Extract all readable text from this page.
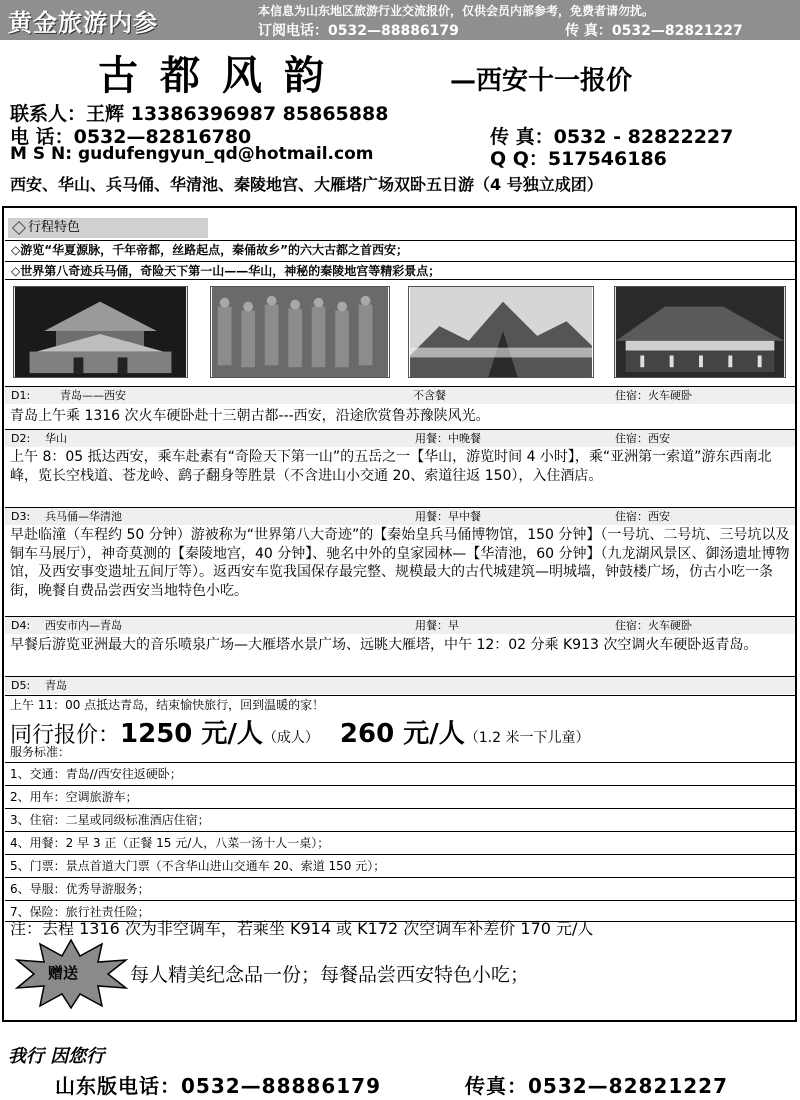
黄金旅游内参	本信息为山东地区旅游行业交流报价，仅供会员内部参考，免费者请勿扰。
订阅电话：0532—88886179	传 真：0532—82821227
古都风韵	—西安十一报价
联系人：王辉 13386396987 85865888
电 话：0532—82816780	传 真：0532 - 82822227
M S N: gudufengyun_qd@hotmail.com	Q Q：517546186
西安、华山、兵马俑、华清池、秦陵地宫、大雁塔广场双卧五日游（4 号独立成团）
行程特色
◇游览“华夏源脉，千年帝都，丝路起点，秦俑故乡”的六大古都之首西安；
◇世界第八奇迹兵马俑，奇险天下第一山——华山，神秘的秦陵地宫等精彩景点；
D1:	青岛——西安	不含餐	住宿：火车硬卧
青岛上午乘 1316 次火车硬卧赴十三朝古都---西安，沿途欣赏鲁苏豫陕风光。
D2: 华山	用餐：中晚餐	住宿：西安
上午 8：05 抵达西安，乘车赴素有“奇险天下第一山”的五岳之一【华山，游览时间 4 小时】，乘“亚洲第一索道”游东西南北峰，览长空栈道、苍龙岭、鹞子翻身等胜景（不含进山小交通 20、索道往返 150），入住酒店。
D3: 兵马俑—华清池	用餐：早中餐	住宿：西安
早赴临潼（车程约 50 分钟）游被称为“世界第八大奇迹”的【秦始皇兵马俑博物馆，150 分钟】（一号坑、二号坑、三号坑以及铜车马展厅），神奇莫测的【秦陵地宫，40 分钟】、驰名中外的皇家园林—【华清池，60 分钟】（九龙湖风景区、御汤遗址博物馆，及西安事变遗址五间厅等）。返西安车览我国保存最完整、规模最大的古代城建筑—明城墙，钟鼓楼广场，仿古小吃一条街，晚餐自费品尝西安当地特色小吃。
D4: 西安市内—青岛	用餐：早	住宿：火车硬卧
早餐后游览亚洲最大的音乐喷泉广场—大雁塔水景广场、远眺大雁塔，中午 12：02 分乘 K913 次空调火车硬卧返青岛。
D5: 青岛
上午 11：00 点抵达青岛，结束愉快旅行，回到温暖的家！
同行报价：1250 元/人（成人） 260 元/人（1.2 米一下儿童）
服务标准：
1、交通：青岛//西安往返硬卧；
2、用车：空调旅游车；
3、住宿：二星或同级标准酒店住宿；
4、用餐：2 早 3 正（正餐 15 元/人，八菜一汤十人一桌）；
5、门票：景点首道大门票（不含华山进山交通车 20、索道 150 元）；
6、导服：优秀导游服务；
7、保险：旅行社责任险；
注：去程 1316 次为非空调车，若乘坐 K914 或 K172 次空调车补差价 170 元/人
赠送	每人精美纪念品一份；每餐品尝西安特色小吃；
我行 因您行
山东版电话：0532—88886179	传真：0532—82821227
